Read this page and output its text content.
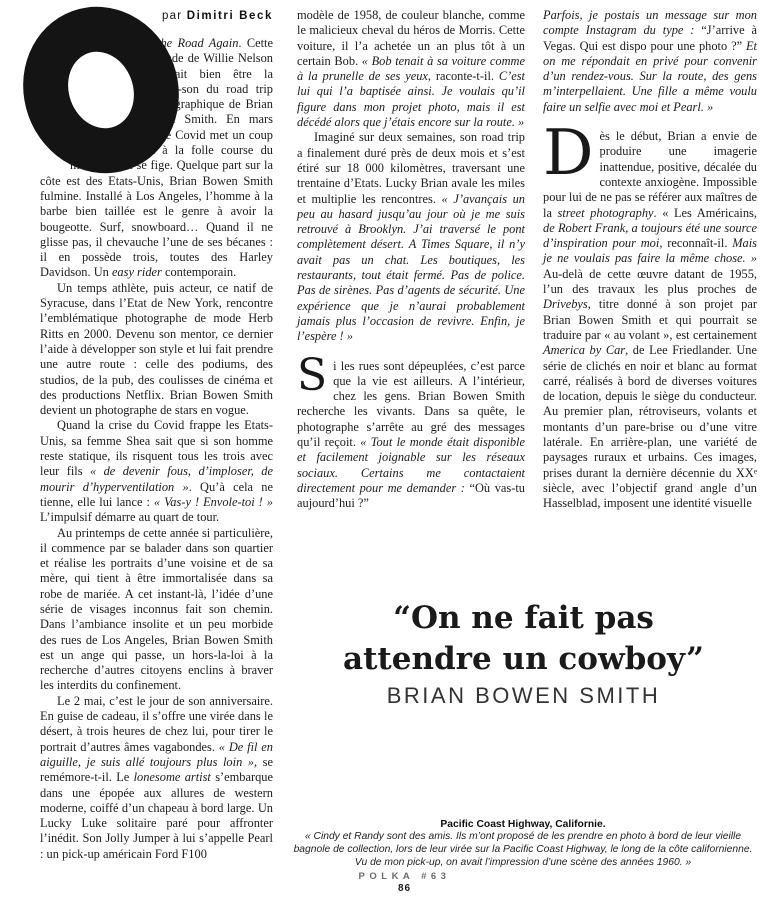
par Dimitri Beck

n the Road Again. Cette ballade de Willie Nelson pourrait bien être la bande-son du road trip photographique de Brian Bowen Smith. En mars 2020, le Covid met un coup de frein à la folle course du monde. Tout se fige. Quelque part sur la côte est des Etats-Unis, Brian Bowen Smith fulmine. Installé à Los Angeles, l’homme à la barbe bien taillée est le genre à avoir la bougeotte. Surf, snowboard… Quand il ne glisse pas, il chevauche l’une de ses bécanes : il en possède trois, toutes des Harley Davidson. Un easy rider contemporain.

Un temps athlète, puis acteur, ce natif de Syracuse, dans l’Etat de New York, rencontre l’emblématique photographe de mode Herb Ritts en 2000. Devenu son mentor, ce dernier l’aide à développer son style et lui fait prendre une autre route : celle des podiums, des studios, de la pub, des coulisses de cinéma et des productions Netflix. Brian Bowen Smith devient un photographe de stars en vogue.

Quand la crise du Covid frappe les Etats-Unis, sa femme Shea sait que si son homme reste statique, ils risquent tous les trois avec leur fils « de devenir fous, d’imploser, de mourir d’hyperventilation ». Qu’à cela ne tienne, elle lui lance : « Vas-y ! Envole-toi ! » L’impulsif démarre au quart de tour.

Au printemps de cette année si particulière, il commence par se balader dans son quartier et réalise les portraits d’une voisine et de sa mère, qui tient à être immortalisée dans sa robe de mariée. A cet instant-là, l’idée d’une série de visages inconnus fait son chemin. Dans l’ambiance insolite et un peu morbide des rues de Los Angeles, Brian Bowen Smith est un ange qui passe, un hors-la-loi à la recherche d’autres citoyens enclins à braver les interdits du confinement.

Le 2 mai, c’est le jour de son anniversaire. En guise de cadeau, il s’offre une virée dans le désert, à trois heures de chez lui, pour tirer le portrait d’autres âmes vagabondes. « De fil en aiguille, je suis allé toujours plus loin », se remémore-t-il. Le lonesome artist s’embarque dans une épopée aux allures de western moderne, coiffé d’un chapeau à bord large. Un Lucky Luke solitaire paré pour affronter l’inédit. Son Jolly Jumper à lui s’appelle Pearl : un pick-up américain Ford F100

modèle de 1958, de couleur blanche, comme le malicieux cheval du héros de Morris. Cette voiture, il l’a achetée un an plus tôt à un certain Bob. « Bob tenait à sa voiture comme à la prunelle de ses yeux, raconte-t-il. C’est lui qui l’a baptisée ainsi. Je voulais qu’il figure dans mon projet photo, mais il est décédé alors que j’étais encore sur la route. »

Imaginé sur deux semaines, son road trip a finalement duré près de deux mois et s’est étiré sur 18 000 kilomètres, traversant une trentaine d’Etats. Lucky Brian avale les miles et multiplie les rencontres. « J’avançais un peu au hasard jusqu’au jour où je me suis retrouvé à Brooklyn. J’ai traversé le pont complètement désert. A Times Square, il n’y avait pas un chat. Les boutiques, les restaurants, tout était fermé. Pas de police. Pas de sirènes. Pas d’agents de sécurité. Une expérience que je n’aurai probablement jamais plus l’occasion de revivre. Enfin, je l’espère ! »

Si les rues sont dépeuplées, c’est parce que la vie est ailleurs. A l’intérieur, chez les gens. Brian Bowen Smith recherche les vivants. Dans sa quête, le photographe s’arrête au gré des messages qu’il reçoit. « Tout le monde était disponible et facilement joignable sur les réseaux sociaux. Certains me contactaient directement pour me demander : “Où vas-tu aujourd’hui ?”

Parfois, je postais un message sur mon compte Instagram du type : “J’arrive à Vegas. Qui est dispo pour une photo ?” Et on me répondait en privé pour convenir d’un rendez-vous. Sur la route, des gens m’interpellaient. Une fille a même voulu faire un selfie avec moi et Pearl. »

Dès le début, Brian a envie de produire une imagerie inattendue, positive, décalée du contexte anxiogène. Impossible pour lui de ne pas se référer aux maîtres de la street photography. « Les Américains, de Robert Frank, a toujours été une source d’inspiration pour moi, reconnaît-il. Mais je ne voulais pas faire la même chose. » Au-delà de cette œuvre datant de 1955, l’un des travaux les plus proches de Drivebys, titre donné à son projet par Brian Bowen Smith et qui pourrait se traduire par « au volant », est certainement America by Car, de Lee Friedlander. Une série de clichés en noir et blanc au format carré, réalisés à bord de diverses voitures de location, depuis le siège du conducteur. Au premier plan, rétroviseurs, volants et montants d’un pare-brise ou d’une vitre latérale. En arrière-plan, une variété de paysages ruraux et urbains. Ces images, prises durant la dernière décennie du XXᵉ siècle, avec l’objectif grand angle d’un Hasselblad, imposent une identité visuelle

“On ne fait pas
attendre un cowboy”
BRIAN BOWEN SMITH
Pacific Coast Highway, Californie.
« Cindy et Randy sont des amis. Ils m’ont proposé de les prendre en photo à bord de leur vieille bagnole de collection, lors de leur virée sur la Pacific Coast Highway, le long de la côte californienne. Vu de mon pick-up, on avait l’impression d’une scène des années 1960. »
POLKA #63
86
